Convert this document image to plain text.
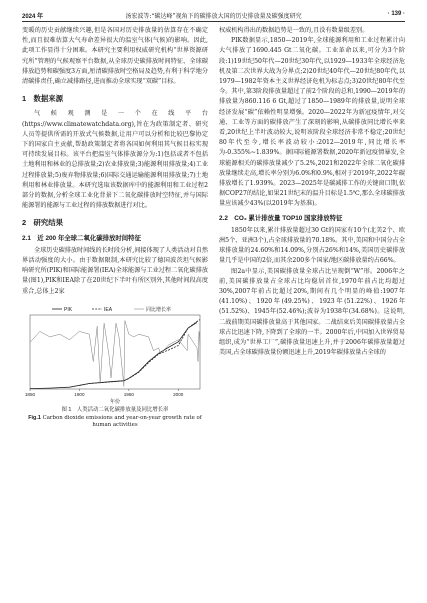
2024 年	汤宏波等:“碳达峰”视角下的碳排放大国的历史排放量及碳强度研究	· 139 ·

变暖的历史贡献继续兴趣,但是各国对历史排放量的估算存在不确定性,而且很难估算大气寿命差异很大的温室气体(气候)的影响。因此,此项工作显得十分困难。本研究主要利用权威研究机构“世界资源研究所”管理的气候观察平台数据,从全球历史碳排放时间特征、全球碳排放趋势和碳强度3方面,厘清碳排放时空格局及趋势,有利于科学地分清碳排责任,确立减排路径,进而推动全球实现“双碳”目标。

1　数据来源

气候观测是一个在线平台(https://www.climatewatchdata.org),旨在为政策制定者、研究人员等提供所需的开放式气候数据,让用户可以分析和比较巴黎协定下的国家自主贡献,帮助政策制定者将各国如何利用其气候目标实现可持续发展目标。该平台把温室气体排放源分为:1)包括或者不包括土地利用和林业的总排放量;2)农业排放量;3)能源利用排放量;4)工业过程排放量;5)废弃物排放量;6)国际交通运输能源利用排放量;7)土地利用和林业排放量。本研究选取该数据库中的能源利用和工业过程2部分的数据,分析全球工业化背景下二氧化碳排放时空特征,并与国际能源署的能源与工业过程的排放数据进行对比。

2　研究结果
2.1　近 200 年全球二氧化碳排放时间特征

全球历史碳排放时间线的长时段分析,间接体现了人类活动对自然界活动强度的大小。由于数据限制,本研究比较了德国波茨坦气候影响研究所(PIK)和国际能源署(IEA)全球能源与工业过程二氧化碳排放量(图1),PIK和IEA除了在20世纪下半叶有所区别外,其他时间段高度重合,总体上2家

PIK	IEA	同比增长率
1850	1900	1950	2000
年份
图 1　人类活动二氧化碳排放量及同比增长率
Fig.1 Carbon dioxide emissions and year-on-year growth rate of human activities

权威机构得出的数据趋势是一致的,且没有数量级差别。

PIK数据显示,1850—2019年,全球能源利用和工业过程累计向大气排放了1690.445 Gt二氧化碳。工业革命以来,可分为3个阶段:1)19世纪50年代—20世纪30年代,以1929—1933年全球经济危机及第二次世界大战为分界点;2)20世纪40年代—20世纪80年代,以1979—1982年资本主义世界经济危机为标志点;3)20世纪80年代至今。其中,第3阶段排放量超过了前2个阶段的总和,1990—2019年的排放量为860.116 6 Gt,超过了1850—1989年的排放量,说明全球经济发展“碳”依赖性明显增强。2020—2022年为新冠疫情年,对交通、工业等方面的碳排放产生了深刻的影响,从碳排放同比增长率来看,20世纪上半叶波动较大,说明该阶段全球经济非常不稳定;20世纪80年代至今,增长率波动较小:2012—2019年,同比增长率为-0.355%~1.839%。据国际能源署数据,2020年新冠疫情暴发,全球能源相关的碳排放量减少了5.2%,2021和2022年全球二氧化碳排放量继续走高,增长率分别为6.0%和0.9%,相对于2019年,2022年碳排放增长了1.939%。2023—2025年是碳减排工作的关键窗口期,依据COP27的结论,如果21世纪末的温升目标是1.5℃,那么全球碳排放量应该减少43%(以2019年为基准)。

2.2　CO₂ 累计排放量 TOP10 国家排放特征

1850年以来,累计排放量超过30 Gt的国家有10个(北美2个、欧洲5个、亚洲3个),占全球排放量的70.18%。其中,美国和中国分占全球排放量的24.60%和14.09%,分别占26%和14%,美国历史碳排放量几乎是中国的2倍,而其余200多个国家/地区碳排放量约占66%。

图2a中显示,美国碳排放量全球占比呈现倒“W”形。2006年之前,美国碳排放量占全球占比均稳居首位,1970年前占比均超过30%,2007年前占比超过20%,期间有几个明显的峰值:1907年(41.10%)、1920年(49.25%)、1923年(51.22%)、1926年(51.52%)、1945年(52.46%);波谷为1938年(34.68%)。这说明,二战前期美国碳排放量高于其他国家。二战结束后美国碳排放量占全球占比迅速下降,下降到了全球的一半。2000年后,中国加入世界贸易组织,成为“世界工厂”,碳排放量迅速上升,并于2006年碳排放量超过美国,占全球碳排放量份额迅速上升,2019年碳排放量占全球的
